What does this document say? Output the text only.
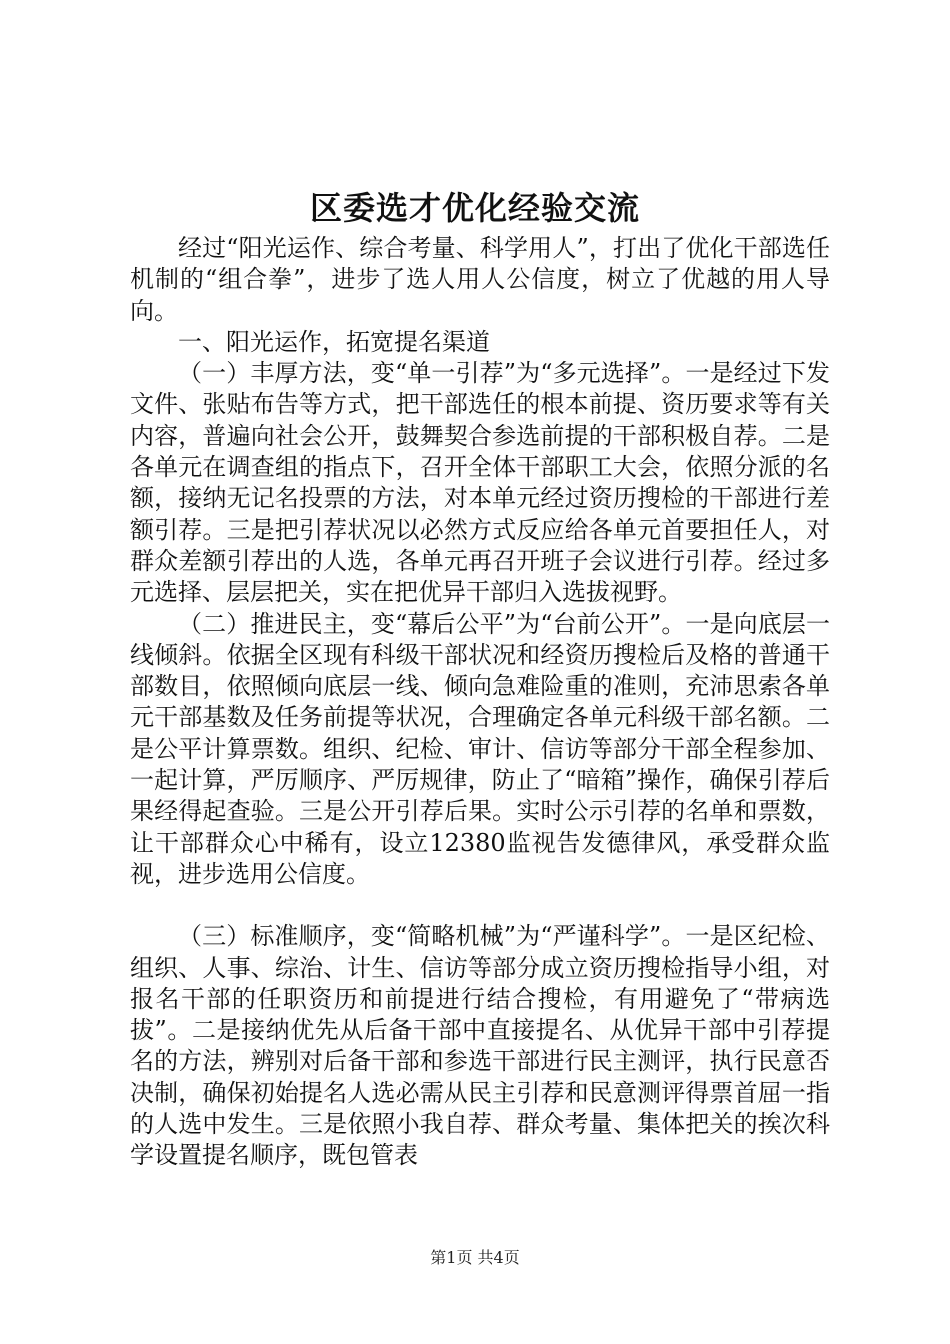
区委选才优化经验交流

经过“阳光运作、综合考量、科学用人”，打出了优化干部选任机制的“组合拳”，进步了选人用人公信度，树立了优越的用人导向。

一、阳光运作，拓宽提名渠道

（一）丰厚方法，变“单一引荐”为“多元选择”。一是经过下发文件、张贴布告等方式，把干部选任的根本前提、资历要求等有关内容，普遍向社会公开，鼓舞契合参选前提的干部积极自荐。二是各单元在调查组的指点下，召开全体干部职工大会，依照分派的名额，接纳无记名投票的方法，对本单元经过资历搜检的干部进行差额引荐。三是把引荐状况以必然方式反应给各单元首要担任人，对群众差额引荐出的人选，各单元再召开班子会议进行引荐。经过多元选择、层层把关，实在把优异干部归入选拔视野。

（二）推进民主，变“幕后公平”为“台前公开”。一是向底层一线倾斜。依据全区现有科级干部状况和经资历搜检后及格的普通干部数目，依照倾向底层一线、倾向急难险重的准则，充沛思索各单元干部基数及任务前提等状况，合理确定各单元科级干部名额。二是公平计算票数。组织、纪检、审计、信访等部分干部全程参加、一起计算，严厉顺序、严厉规律，防止了“暗箱”操作，确保引荐后果经得起查验。三是公开引荐后果。实时公示引荐的名单和票数，让干部群众心中稀有，设立12380监视告发德律风，承受群众监视，进步选用公信度。

（三）标准顺序，变“简略机械”为“严谨科学”。一是区纪检、组织、人事、综治、计生、信访等部分成立资历搜检指导小组，对报名干部的任职资历和前提进行结合搜检，有用避免了“带病选拔”。二是接纳优先从后备干部中直接提名、从优异干部中引荐提名的方法，辨别对后备干部和参选干部进行民主测评，执行民意否决制，确保初始提名人选必需从民主引荐和民意测评得票首屈一指的人选中发生。三是依照小我自荐、群众考量、集体把关的挨次科学设置提名顺序，既包管表

第1页 共4页
